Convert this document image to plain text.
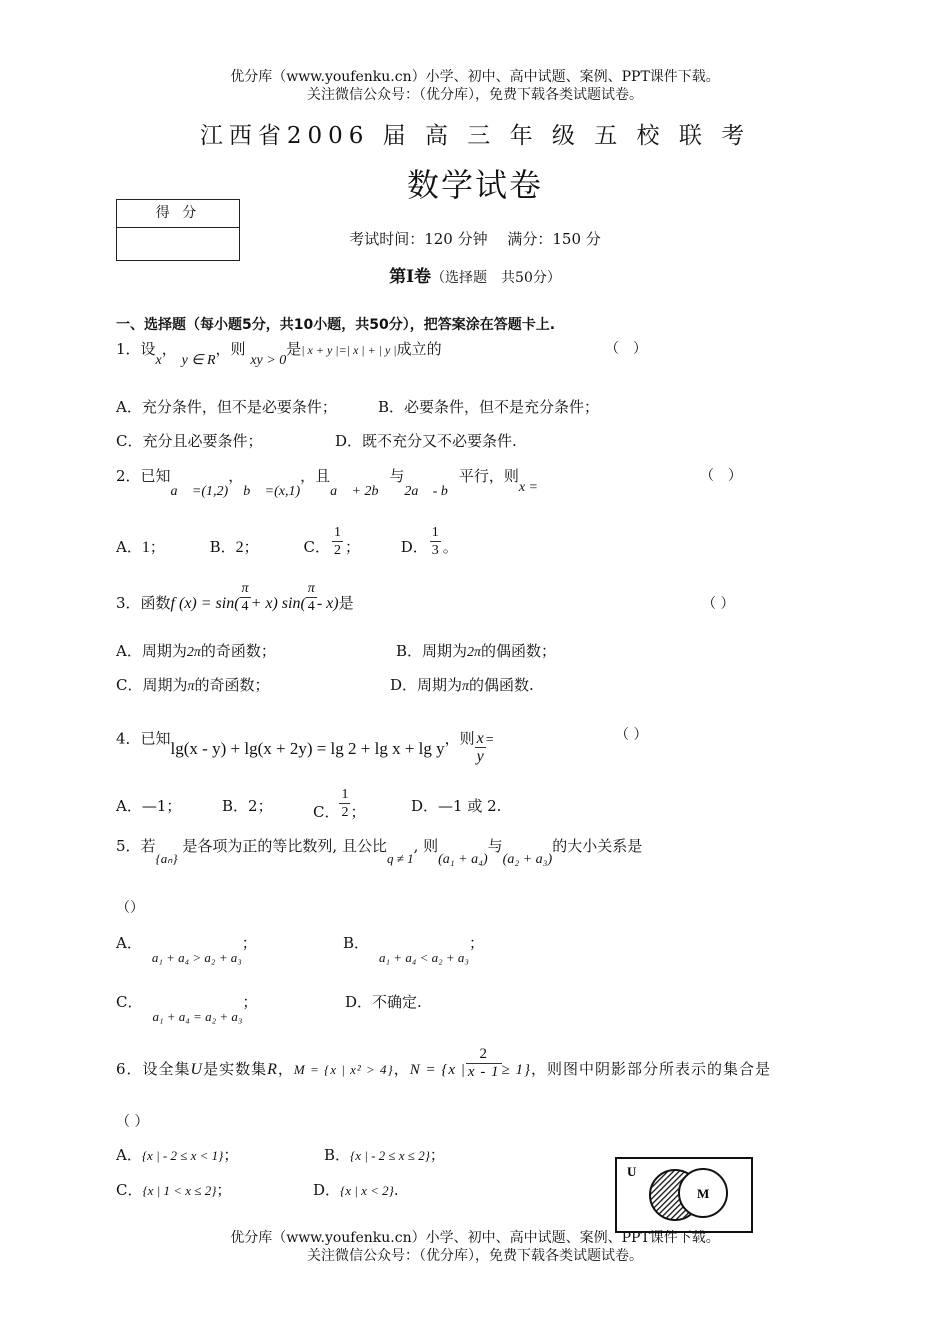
优分库（www.youfenku.cn）小学、初中、高中试题、案例、PPT课件下载。
关注微信公众号：（优分库），免费下载各类试题试卷。
江西省2006 届 高 三 年 级 五 校 联 考
数学试卷
得 分
考试时间：120 分钟　 满分：150 分
第Ⅰ卷（选择题　共50分）
一、选择题（每小题5分，共10小题，共50分），把答案涂在答题卡上.
1．设x， y ∈ R，则 xy > 0是| x + y |=| x | + | y |成立的	（　）
A．充分条件，但不是必要条件；	B．必要条件，但不是充分条件；
C．充分且必要条件；	D．既不充分又不必要条件.
2．已知a⃗ =(1,2)，b⃗ =(x,1)，且a⃗ + 2b⃗与2a⃗ - b⃗平行，则x =
（　）
A．1；	B．2；	C． $\frac{1}{2}$ ；	D． $\frac{1}{3}$ 。
3．函数f $(x) = \sin( \frac{\pi}{4} + x)$ $\sin( \frac{\pi}{4} - x)$是	（ ）
A．周期为2π的奇函数；	B．周期为2π的偶函数；
C．周期为π的奇函数；	D．周期为π的偶函数.
4．已知lg(x - y) + lg(x + 2y) = lg 2 + lg x + lg y，则 $\frac{x}{y}$ =	（ ）
A．—1；	B．2；	C． $\frac{1}{2}$ ；	D．—1 或 2.
5．若{aₙ} 是各项为正的等比数列, 且公比q ≠ 1, 则(a₁ + a₄)与(a₂ + a₃)的大小关系是
（）
A．a₁ + a₄ > a₂ + a₃；	B．a₁ + a₄ < a₂ + a₃；
C．a₁ + a₄ = a₂ + a₃；	D．不确定.
6．设全集U是实数集R，M = {x | x² > 4}，N = {x | $\frac{2}{x - 1} \ge 1$}，则图中阴影部分所表示的集合是
（ ）
A．{x | - 2 ≤ x < 1}；	B．{x | - 2 ≤ x ≤ 2}；
C．{x | 1 < x ≤ 2}；	D．{x | x < 2}.
U
M
优分库（www.youfenku.cn）小学、初中、高中试题、案例、PPT课件下载。
关注微信公众号：（优分库），免费下载各类试题试卷。
